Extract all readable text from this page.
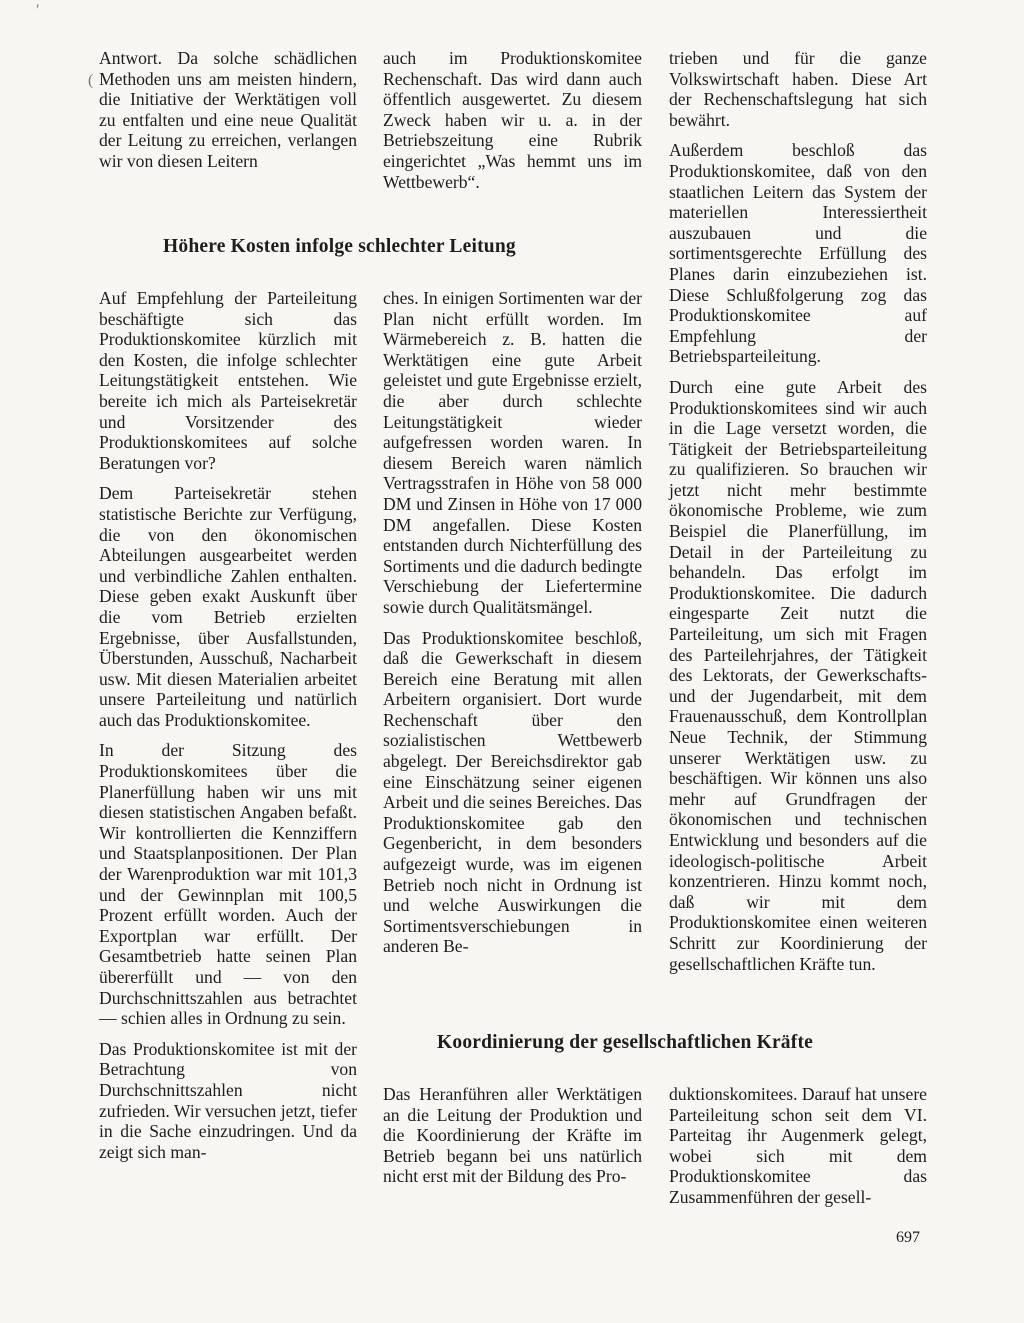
′
(

Antwort. Da solche schädlichen Methoden uns am meisten hindern, die Initiative der Werktätigen voll zu entfalten und eine neue Qualität der Leitung zu erreichen, verlangen wir von diesen Leitern

auch im Produktionskomitee Rechenschaft. Das wird dann auch öffentlich ausgewertet. Zu diesem Zweck haben wir u. a. in der Betriebszeitung eine Rubrik eingerichtet „Was hemmt uns im Wettbewerb“.

Höhere Kosten infolge schlechter Leitung

Auf Empfehlung der Parteileitung beschäftigte sich das Produktionskomitee kürzlich mit den Kosten, die infolge schlechter Leitungstätigkeit entstehen. Wie bereite ich mich als Parteisekretär und Vorsitzender des Produktionskomitees auf solche Beratungen vor?

Dem Parteisekretär stehen statistische Berichte zur Verfügung, die von den ökonomischen Abteilungen ausgearbeitet werden und verbindliche Zahlen enthalten. Diese geben exakt Auskunft über die vom Betrieb erzielten Ergebnisse, über Ausfallstunden, Überstunden, Ausschuß, Nacharbeit usw. Mit diesen Materialien arbeitet unsere Parteileitung und natürlich auch das Produktionskomitee.

In der Sitzung des Produktionskomitees über die Planerfüllung haben wir uns mit diesen statistischen Angaben befaßt. Wir kontrollierten die Kennziffern und Staatsplanpositionen. Der Plan der Warenproduktion war mit 101,3 und der Gewinnplan mit 100,5 Prozent erfüllt worden. Auch der Exportplan war erfüllt. Der Gesamtbetrieb hatte seinen Plan übererfüllt und — von den Durchschnittszahlen aus betrachtet — schien alles in Ordnung zu sein.

Das Produktionskomitee ist mit der Betrachtung von Durchschnittszahlen nicht zufrieden. Wir versuchen jetzt, tiefer in die Sache einzudringen. Und da zeigt sich man-

ches. In einigen Sortimenten war der Plan nicht erfüllt worden. Im Wärmebereich z. B. hatten die Werktätigen eine gute Arbeit geleistet und gute Ergebnisse erzielt, die aber durch schlechte Leitungstätigkeit wieder aufgefressen worden waren. In diesem Bereich waren nämlich Vertragsstrafen in Höhe von 58 000 DM und Zinsen in Höhe von 17 000 DM angefallen. Diese Kosten entstanden durch Nichterfüllung des Sortiments und die dadurch bedingte Verschiebung der Liefertermine sowie durch Qualitätsmängel.

Das Produktionskomitee beschloß, daß die Gewerkschaft in diesem Bereich eine Beratung mit allen Arbeitern organisiert. Dort wurde Rechenschaft über den sozialistischen Wettbewerb abgelegt. Der Bereichsdirektor gab eine Einschätzung seiner eigenen Arbeit und die seines Bereiches. Das Produktionskomitee gab den Gegenbericht, in dem besonders aufgezeigt wurde, was im eigenen Betrieb noch nicht in Ordnung ist und welche Auswirkungen die Sortimentsverschiebungen in anderen Be-

trieben und für die ganze Volkswirtschaft haben. Diese Art der Rechenschaftslegung hat sich bewährt.

Außerdem beschloß das Produktionskomitee, daß von den staatlichen Leitern das System der materiellen Interessiertheit auszubauen und die sortimentsgerechte Erfüllung des Planes darin einzubeziehen ist. Diese Schlußfolgerung zog das Produktionskomitee auf Empfehlung der Betriebsparteileitung.

Durch eine gute Arbeit des Produktionskomitees sind wir auch in die Lage versetzt worden, die Tätigkeit der Betriebsparteileitung zu qualifizieren. So brauchen wir jetzt nicht mehr bestimmte ökonomische Probleme, wie zum Beispiel die Planerfüllung, im Detail in der Parteileitung zu behandeln. Das erfolgt im Produktionskomitee. Die dadurch eingesparte Zeit nutzt die Parteileitung, um sich mit Fragen des Parteilehrjahres, der Tätigkeit des Lektorats, der Gewerkschafts- und der Jugendarbeit, mit dem Frauenausschuß, dem Kontrollplan Neue Technik, der Stimmung unserer Werktätigen usw. zu beschäftigen. Wir können uns also mehr auf Grundfragen der ökonomischen und technischen Entwicklung und besonders auf die ideologisch-politische Arbeit konzentrieren. Hinzu kommt noch, daß wir mit dem Produktionskomitee einen weiteren Schritt zur Koordinierung der gesellschaftlichen Kräfte tun.

Koordinierung der gesellschaftlichen Kräfte

Das Heranführen aller Werktätigen an die Leitung der Produktion und die Koordinierung der Kräfte im Betrieb begann bei uns natürlich nicht erst mit der Bildung des Pro-

duktionskomitees. Darauf hat unsere Parteileitung schon seit dem VI. Parteitag ihr Augenmerk gelegt, wobei sich mit dem Produktionskomitee das Zusammenführen der gesell-

697
